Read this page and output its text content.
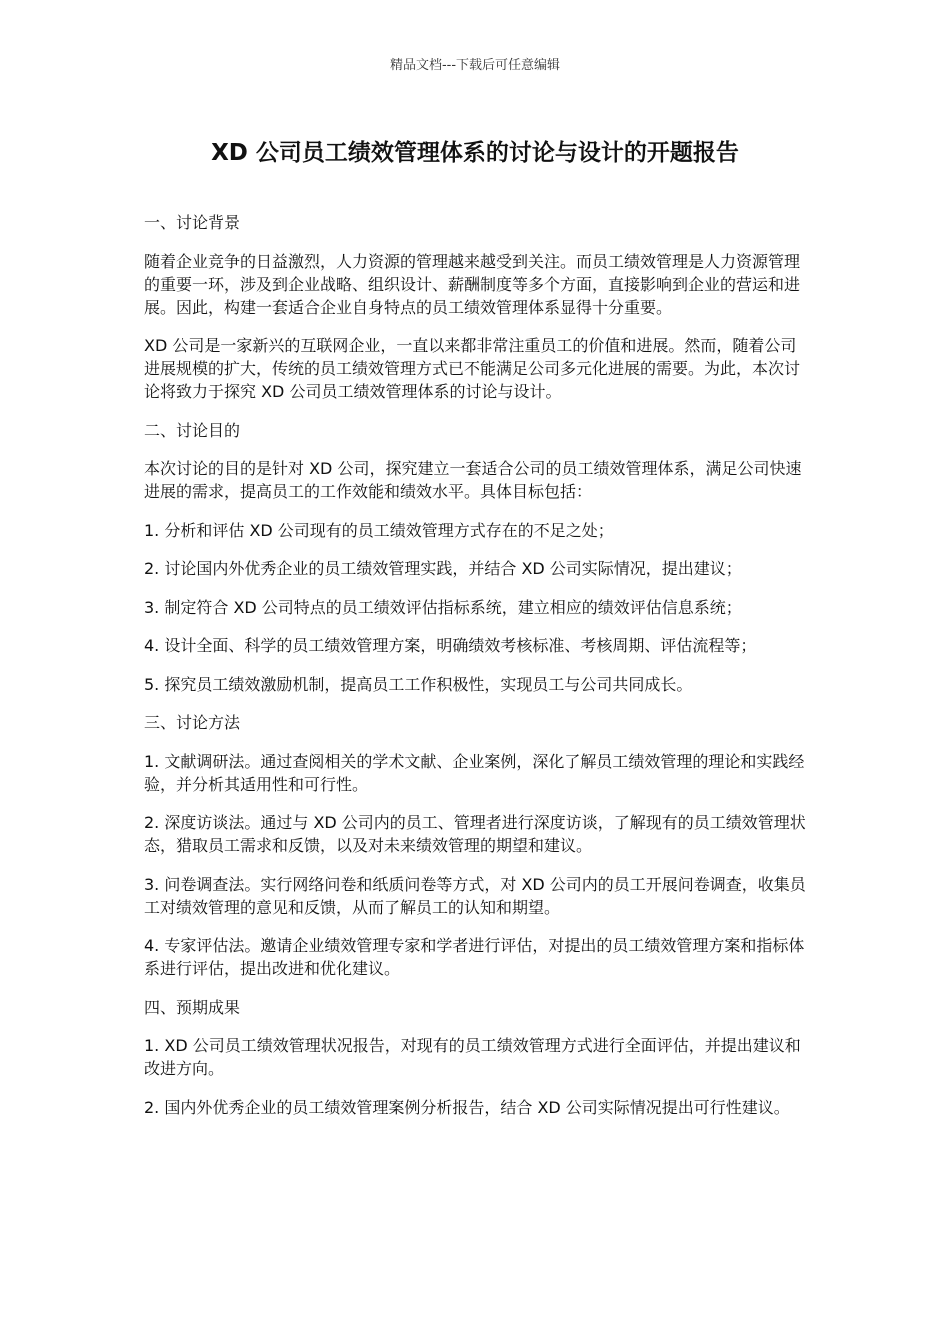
精品文档---下载后可任意编辑
XD 公司员工绩效管理体系的讨论与设计的开题报告

一、讨论背景

随着企业竞争的日益激烈，人力资源的管理越来越受到关注。而员工绩效管理是人力资源管理的重要一环，涉及到企业战略、组织设计、薪酬制度等多个方面，直接影响到企业的营运和进展。因此，构建一套适合企业自身特点的员工绩效管理体系显得十分重要。

XD 公司是一家新兴的互联网企业，一直以来都非常注重员工的价值和进展。然而，随着公司进展规模的扩大，传统的员工绩效管理方式已不能满足公司多元化进展的需要。为此，本次讨论将致力于探究 XD 公司员工绩效管理体系的讨论与设计。

二、讨论目的

本次讨论的目的是针对 XD 公司，探究建立一套适合公司的员工绩效管理体系，满足公司快速进展的需求，提高员工的工作效能和绩效水平。具体目标包括：

1. 分析和评估 XD 公司现有的员工绩效管理方式存在的不足之处；

2. 讨论国内外优秀企业的员工绩效管理实践，并结合 XD 公司实际情况，提出建议；

3. 制定符合 XD 公司特点的员工绩效评估指标系统，建立相应的绩效评估信息系统；

4. 设计全面、科学的员工绩效管理方案，明确绩效考核标准、考核周期、评估流程等；

5. 探究员工绩效激励机制，提高员工工作积极性，实现员工与公司共同成长。

三、讨论方法

1. 文献调研法。通过查阅相关的学术文献、企业案例，深化了解员工绩效管理的理论和实践经验，并分析其适用性和可行性。

2. 深度访谈法。通过与 XD 公司内的员工、管理者进行深度访谈，了解现有的员工绩效管理状态，猎取员工需求和反馈，以及对未来绩效管理的期望和建议。

3. 问卷调查法。实行网络问卷和纸质问卷等方式，对 XD 公司内的员工开展问卷调查，收集员工对绩效管理的意见和反馈，从而了解员工的认知和期望。

4. 专家评估法。邀请企业绩效管理专家和学者进行评估，对提出的员工绩效管理方案和指标体系进行评估，提出改进和优化建议。

四、预期成果

1. XD 公司员工绩效管理状况报告，对现有的员工绩效管理方式进行全面评估，并提出建议和改进方向。

2. 国内外优秀企业的员工绩效管理案例分析报告，结合 XD 公司实际情况提出可行性建议。
